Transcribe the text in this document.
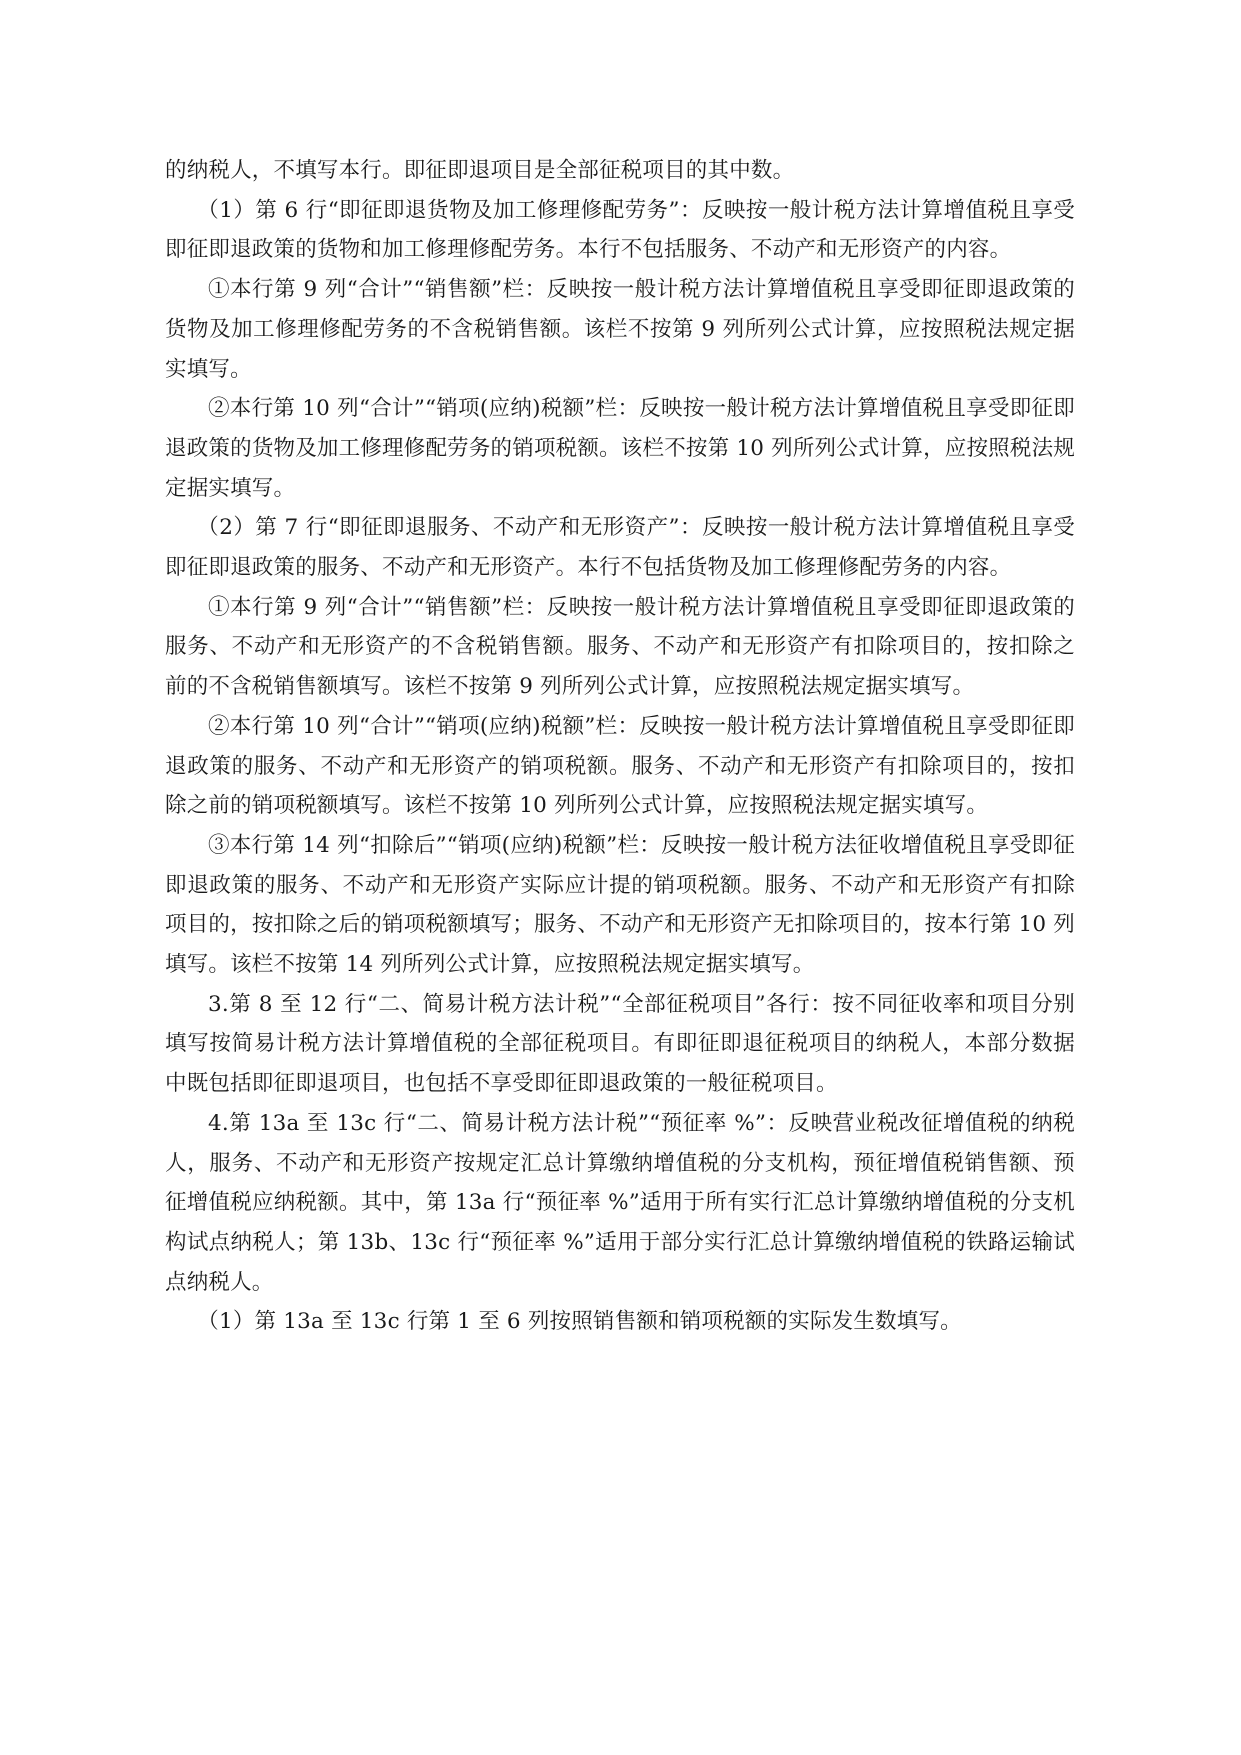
的纳税人，不填写本行。即征即退项目是全部征税项目的其中数。

（1）第 6 行“即征即退货物及加工修理修配劳务”：反映按一般计税方法计算增值税且享受即征即退政策的货物和加工修理修配劳务。本行不包括服务、不动产和无形资产的内容。

①本行第 9 列“合计”“销售额”栏：反映按一般计税方法计算增值税且享受即征即退政策的货物及加工修理修配劳务的不含税销售额。该栏不按第 9 列所列公式计算，应按照税法规定据实填写。

②本行第 10 列“合计”“销项(应纳)税额”栏：反映按一般计税方法计算增值税且享受即征即退政策的货物及加工修理修配劳务的销项税额。该栏不按第 10 列所列公式计算，应按照税法规定据实填写。

（2）第 7 行“即征即退服务、不动产和无形资产”：反映按一般计税方法计算增值税且享受即征即退政策的服务、不动产和无形资产。本行不包括货物及加工修理修配劳务的内容。

①本行第 9 列“合计”“销售额”栏：反映按一般计税方法计算增值税且享受即征即退政策的服务、不动产和无形资产的不含税销售额。服务、不动产和无形资产有扣除项目的，按扣除之前的不含税销售额填写。该栏不按第 9 列所列公式计算，应按照税法规定据实填写。

②本行第 10 列“合计”“销项(应纳)税额”栏：反映按一般计税方法计算增值税且享受即征即退政策的服务、不动产和无形资产的销项税额。服务、不动产和无形资产有扣除项目的，按扣除之前的销项税额填写。该栏不按第 10 列所列公式计算，应按照税法规定据实填写。

③本行第 14 列“扣除后”“销项(应纳)税额”栏：反映按一般计税方法征收增值税且享受即征即退政策的服务、不动产和无形资产实际应计提的销项税额。服务、不动产和无形资产有扣除项目的，按扣除之后的销项税额填写；服务、不动产和无形资产无扣除项目的，按本行第 10 列填写。该栏不按第 14 列所列公式计算，应按照税法规定据实填写。

3.第 8 至 12 行“二、简易计税方法计税”“全部征税项目”各行：按不同征收率和项目分别填写按简易计税方法计算增值税的全部征税项目。有即征即退征税项目的纳税人，本部分数据中既包括即征即退项目，也包括不享受即征即退政策的一般征税项目。

4.第 13a 至 13c 行“二、简易计税方法计税”“预征率 %”：反映营业税改征增值税的纳税人，服务、不动产和无形资产按规定汇总计算缴纳增值税的分支机构，预征增值税销售额、预征增值税应纳税额。其中，第 13a 行“预征率 %”适用于所有实行汇总计算缴纳增值税的分支机构试点纳税人；第 13b、13c 行“预征率 %”适用于部分实行汇总计算缴纳增值税的铁路运输试点纳税人。

（1）第 13a 至 13c 行第 1 至 6 列按照销售额和销项税额的实际发生数填写。
